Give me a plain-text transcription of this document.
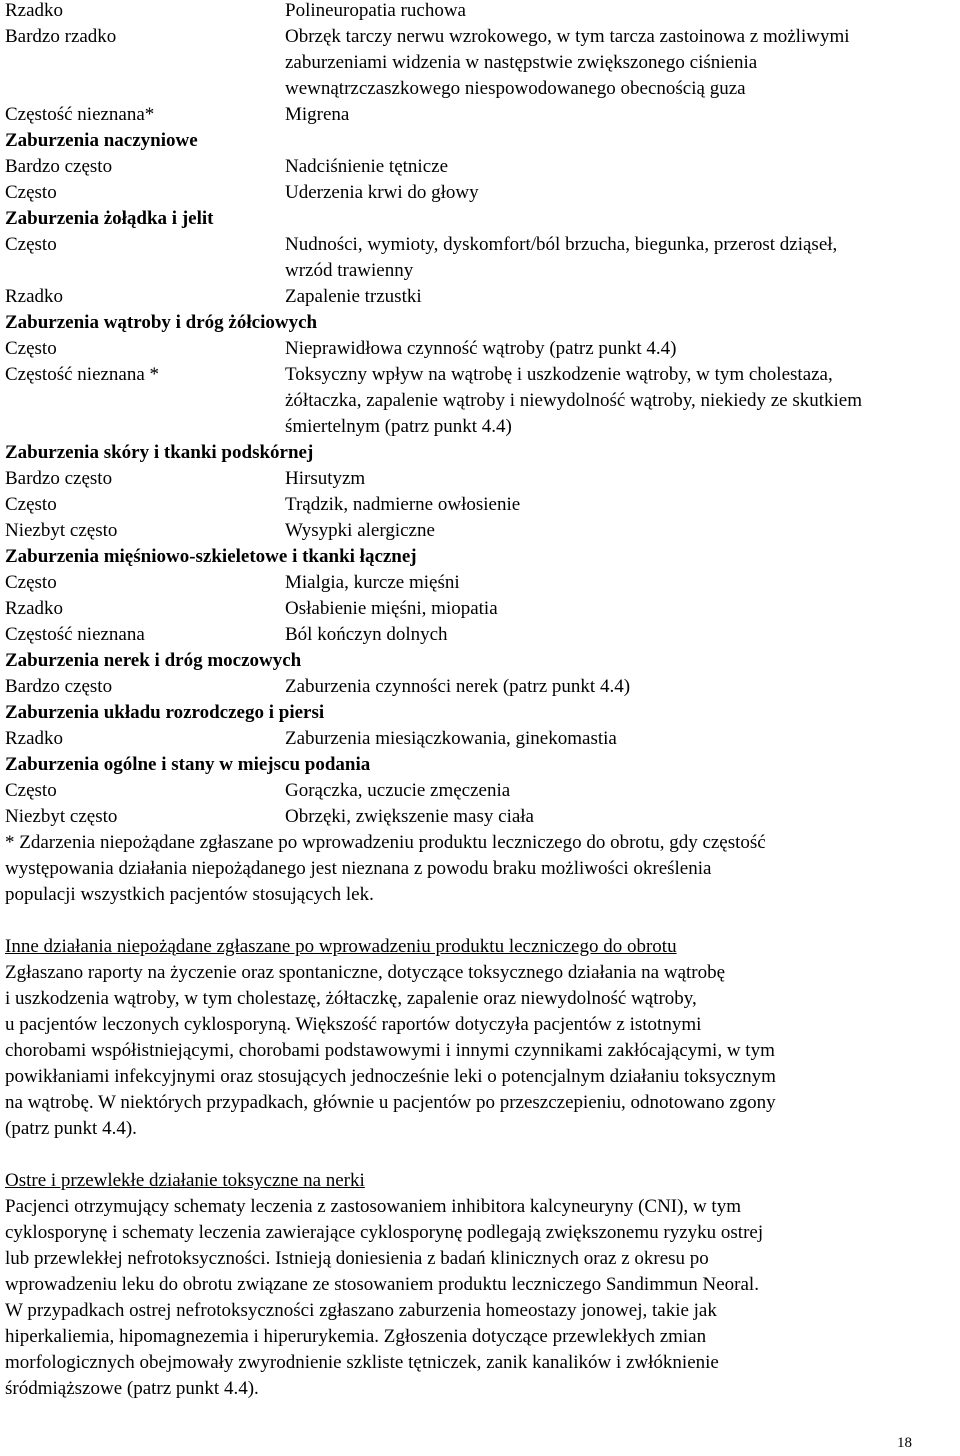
Rzadko	Polineuropatia ruchowa
Bardzo rzadko	Obrzęk tarczy nerwu wzrokowego, w tym tarcza zastoinowa z możliwymi
zaburzeniami widzenia w następstwie zwiększonego ciśnienia
wewnątrzczaszkowego niespowodowanego obecnością guza
Częstość nieznana*	Migrena
Zaburzenia naczyniowe
Bardzo często	Nadciśnienie tętnicze
Często	Uderzenia krwi do głowy
Zaburzenia żołądka i jelit
Często	Nudności, wymioty, dyskomfort/ból brzucha, biegunka, przerost dziąseł,
wrzód trawienny
Rzadko	Zapalenie trzustki
Zaburzenia wątroby i dróg żółciowych
Często	Nieprawidłowa czynność wątroby (patrz punkt 4.4)
Częstość nieznana *	Toksyczny wpływ na wątrobę i uszkodzenie wątroby, w tym cholestaza,
żółtaczka, zapalenie wątroby i niewydolność wątroby, niekiedy ze skutkiem
śmiertelnym (patrz punkt 4.4)
Zaburzenia skóry i tkanki podskórnej
Bardzo często	Hirsutyzm
Często	Trądzik, nadmierne owłosienie
Niezbyt często	Wysypki alergiczne
Zaburzenia mięśniowo-szkieletowe i tkanki łącznej
Często	Mialgia, kurcze mięśni
Rzadko	Osłabienie mięśni, miopatia
Częstość nieznana	Ból kończyn dolnych
Zaburzenia nerek i dróg moczowych
Bardzo często	Zaburzenia czynności nerek (patrz punkt 4.4)
Zaburzenia układu rozrodczego i piersi
Rzadko	Zaburzenia miesiączkowania, ginekomastia
Zaburzenia ogólne i stany w miejscu podania
Często	Gorączka, uczucie zmęczenia
Niezbyt często	Obrzęki, zwiększenie masy ciała
* Zdarzenia niepożądane zgłaszane po wprowadzeniu produktu leczniczego do obrotu, gdy częstość
występowania działania niepożądanego jest nieznana z powodu braku możliwości określenia
populacji wszystkich pacjentów stosujących lek.
Inne działania niepożądane zgłaszane po wprowadzeniu produktu leczniczego do obrotu
Zgłaszano raporty na życzenie oraz spontaniczne, dotyczące toksycznego działania na wątrobę
i uszkodzenia wątroby, w tym cholestazę, żółtaczkę, zapalenie oraz niewydolność wątroby,
u pacjentów leczonych cyklosporyną. Większość raportów dotyczyła pacjentów z istotnymi
chorobami współistniejącymi, chorobami podstawowymi i innymi czynnikami zakłócającymi, w tym
powikłaniami infekcyjnymi oraz stosujących jednocześnie leki o potencjalnym działaniu toksycznym
na wątrobę. W niektórych przypadkach, głównie u pacjentów po przeszczepieniu, odnotowano zgony
(patrz punkt 4.4).
Ostre i przewlekłe działanie toksyczne na nerki
Pacjenci otrzymujący schematy leczenia z zastosowaniem inhibitora kalcyneuryny (CNI), w tym
cyklosporynę i schematy leczenia zawierające cyklosporynę podlegają zwiększonemu ryzyku ostrej
lub przewlekłej nefrotoksyczności. Istnieją doniesienia z badań klinicznych oraz z okresu po
wprowadzeniu leku do obrotu związane ze stosowaniem produktu leczniczego Sandimmun Neoral.
W przypadkach ostrej nefrotoksyczności zgłaszano zaburzenia homeostazy jonowej, takie jak
hiperkaliemia, hipomagnezemia i hiperurykemia. Zgłoszenia dotyczące przewlekłych zmian
morfologicznych obejmowały zwyrodnienie szkliste tętniczek, zanik kanalików i zwłóknienie
śródmiąższowe (patrz punkt 4.4).
18
